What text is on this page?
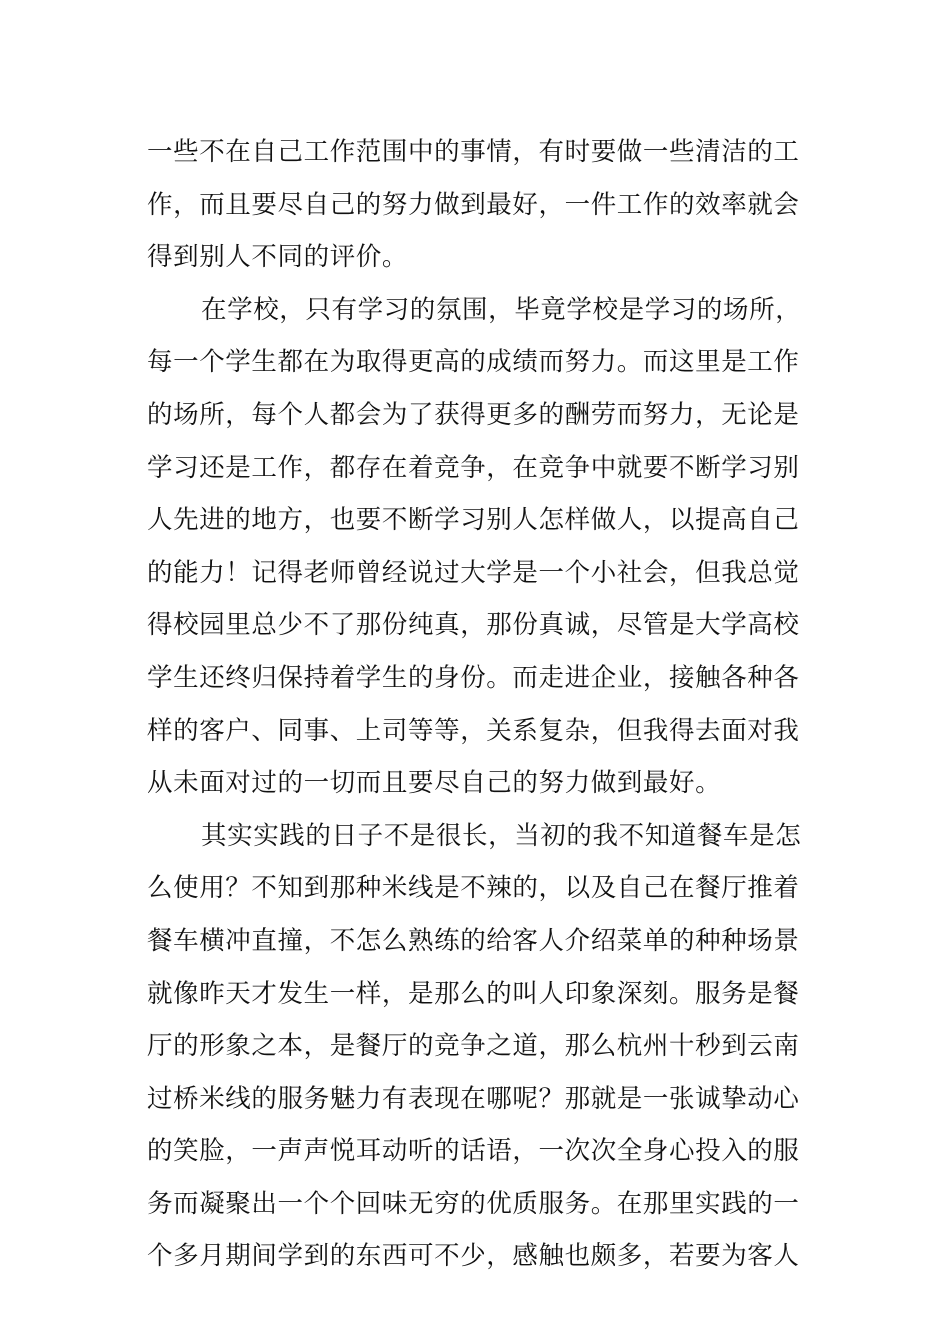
一些不在自己工作范围中的事情，有时要做一些清洁的工
作，而且要尽自己的努力做到最好，一件工作的效率就会
得到别人不同的评价。
在学校，只有学习的氛围，毕竟学校是学习的场所，
每一个学生都在为取得更高的成绩而努力。而这里是工作
的场所，每个人都会为了获得更多的酬劳而努力，无论是
学习还是工作，都存在着竞争，在竞争中就要不断学习别
人先进的地方，也要不断学习别人怎样做人，以提高自己
的能力！记得老师曾经说过大学是一个小社会，但我总觉
得校园里总少不了那份纯真，那份真诚，尽管是大学高校
学生还终归保持着学生的身份。而走进企业，接触各种各
样的客户、同事、上司等等，关系复杂，但我得去面对我
从未面对过的一切而且要尽自己的努力做到最好。
其实实践的日子不是很长，当初的我不知道餐车是怎
么使用？不知到那种米线是不辣的，以及自己在餐厅推着
餐车横冲直撞，不怎么熟练的给客人介绍菜单的种种场景
就像昨天才发生一样，是那么的叫人印象深刻。服务是餐
厅的形象之本，是餐厅的竞争之道，那么杭州十秒到云南
过桥米线的服务魅力有表现在哪呢？那就是一张诚挚动心
的笑脸，一声声悦耳动听的话语，一次次全身心投入的服
务而凝聚出一个个回味无穷的优质服务。在那里实践的一
个多月期间学到的东西可不少，感触也颇多，若要为客人
